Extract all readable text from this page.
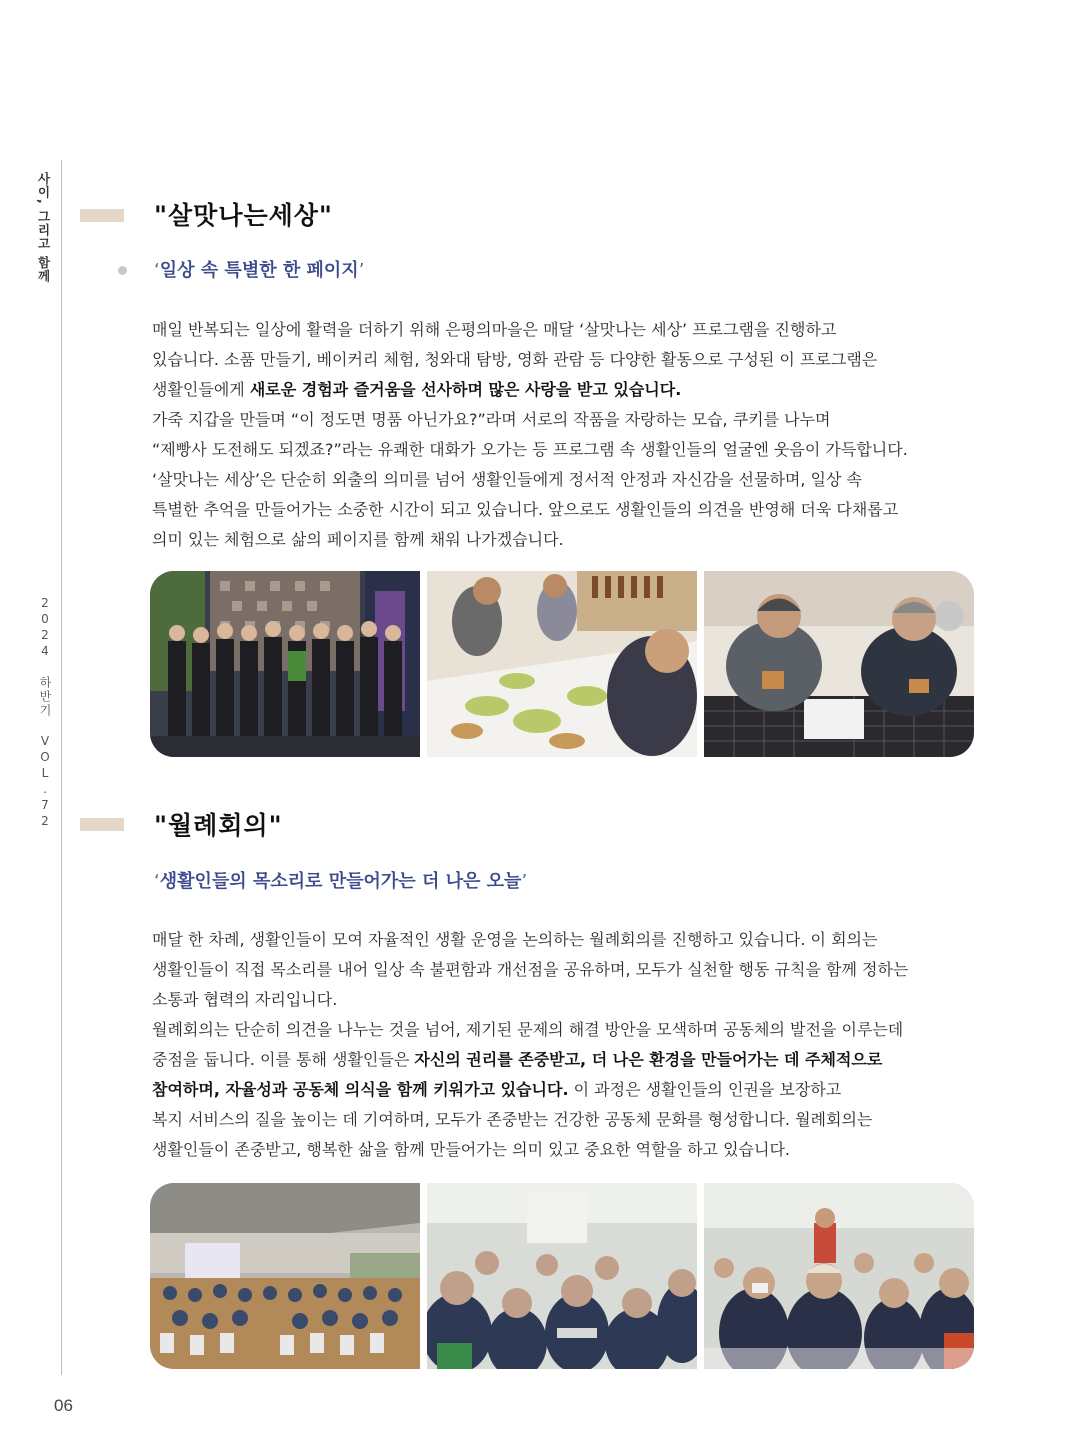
사이, 그리고 함께
2024 하반기 VOL.72
06
"살맛나는세상"
‘일상 속 특별한 한 페이지’
매일 반복되는 일상에 활력을 더하기 위해 은평의마을은 매달 ‘살맛나는 세상’ 프로그램을 진행하고
있습니다. 소품 만들기, 베이커리 체험, 청와대 탐방, 영화 관람 등 다양한 활동으로 구성된 이 프로그램은
생활인들에게 새로운 경험과 즐거움을 선사하며 많은 사랑을 받고 있습니다.
가죽 지갑을 만들며 “이 정도면 명품 아닌가요?”라며 서로의 작품을 자랑하는 모습, 쿠키를 나누며
“제빵사 도전해도 되겠죠?”라는 유쾌한 대화가 오가는 등 프로그램 속 생활인들의 얼굴엔 웃음이 가득합니다.
‘살맛나는 세상’은 단순히 외출의 의미를 넘어 생활인들에게 정서적 안정과 자신감을 선물하며, 일상 속
특별한 추억을 만들어가는 소중한 시간이 되고 있습니다. 앞으로도 생활인들의 의견을 반영해 더욱 다채롭고
의미 있는 체험으로 삶의 페이지를 함께 채워 나가겠습니다.
"월례회의"
‘생활인들의 목소리로 만들어가는 더 나은 오늘’
매달 한 차례, 생활인들이 모여 자율적인 생활 운영을 논의하는 월례회의를 진행하고 있습니다. 이 회의는
생활인들이 직접 목소리를 내어 일상 속 불편함과 개선점을 공유하며, 모두가 실천할 행동 규칙을 함께 정하는
소통과 협력의 자리입니다.
월례회의는 단순히 의견을 나누는 것을 넘어, 제기된 문제의 해결 방안을 모색하며 공동체의 발전을 이루는데
중점을 둡니다. 이를 통해 생활인들은 자신의 권리를 존중받고, 더 나은 환경을 만들어가는 데 주체적으로
참여하며, 자율성과 공동체 의식을 함께 키워가고 있습니다. 이 과정은 생활인들의 인권을 보장하고
복지 서비스의 질을 높이는 데 기여하며, 모두가 존중받는 건강한 공동체 문화를 형성합니다. 월례회의는
생활인들이 존중받고, 행복한 삶을 함께 만들어가는 의미 있고 중요한 역할을 하고 있습니다.
